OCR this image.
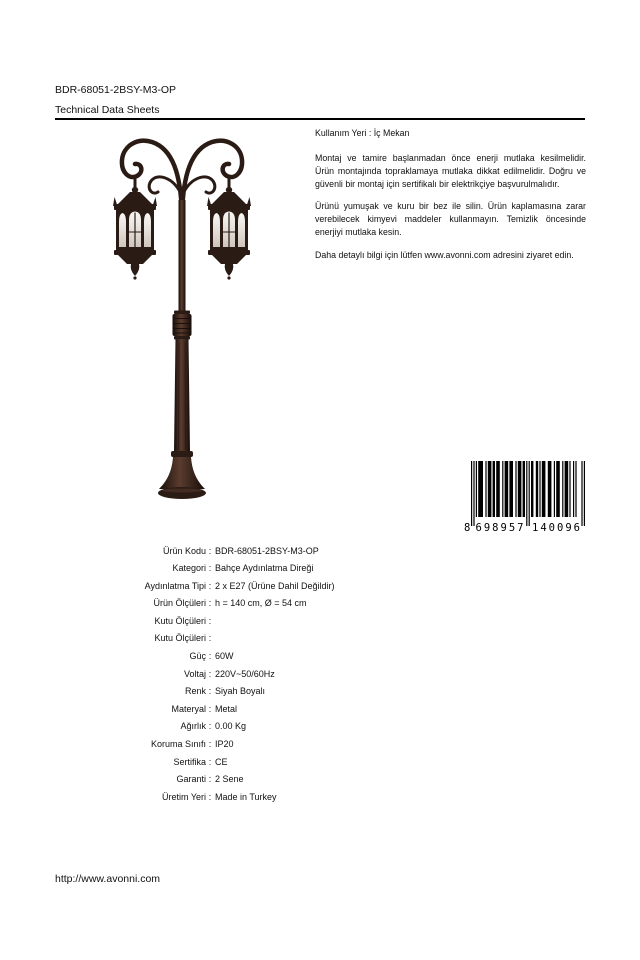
BDR-68051-2BSY-M3-OP
Technical Data Sheets
Kullanım Yeri : İç Mekan
Montaj ve tamire başlanmadan önce enerji mutlaka kesilmelidir.
Ürün montajında topraklamaya mutlaka dikkat edilmelidir. Doğru ve
güvenli bir montaj için sertifikalı bir elektrikçiye başvurulmalıdır.
Ürünü yumuşak ve kuru bir bez ile silin. Ürün kaplamasına zarar
verebilecek kimyevi maddeler kullanmayın. Temizlik öncesinde
enerjiyi mutlaka kesin.
Daha detaylı bilgi için lütfen www.avonni.com adresini ziyaret edin.
8 698957 140096
Ürün Kodu : BDR-68051-2BSY-M3-OP
Kategori : Bahçe Aydınlatma Direği
Aydınlatma Tipi : 2 x E27 (Ürüne Dahil Değildir)
Ürün Ölçüleri : h = 140 cm, Ø = 54 cm
Kutu Ölçüleri :
Kutu Ölçüleri :
Güç : 60W
Voltaj : 220V~50/60Hz
Renk : Siyah Boyalı
Materyal : Metal
Ağırlık : 0.00 Kg
Koruma Sınıfı : IP20
Sertifika : CE
Garanti : 2 Sene
Üretim Yeri : Made in Turkey
http://www.avonni.com
